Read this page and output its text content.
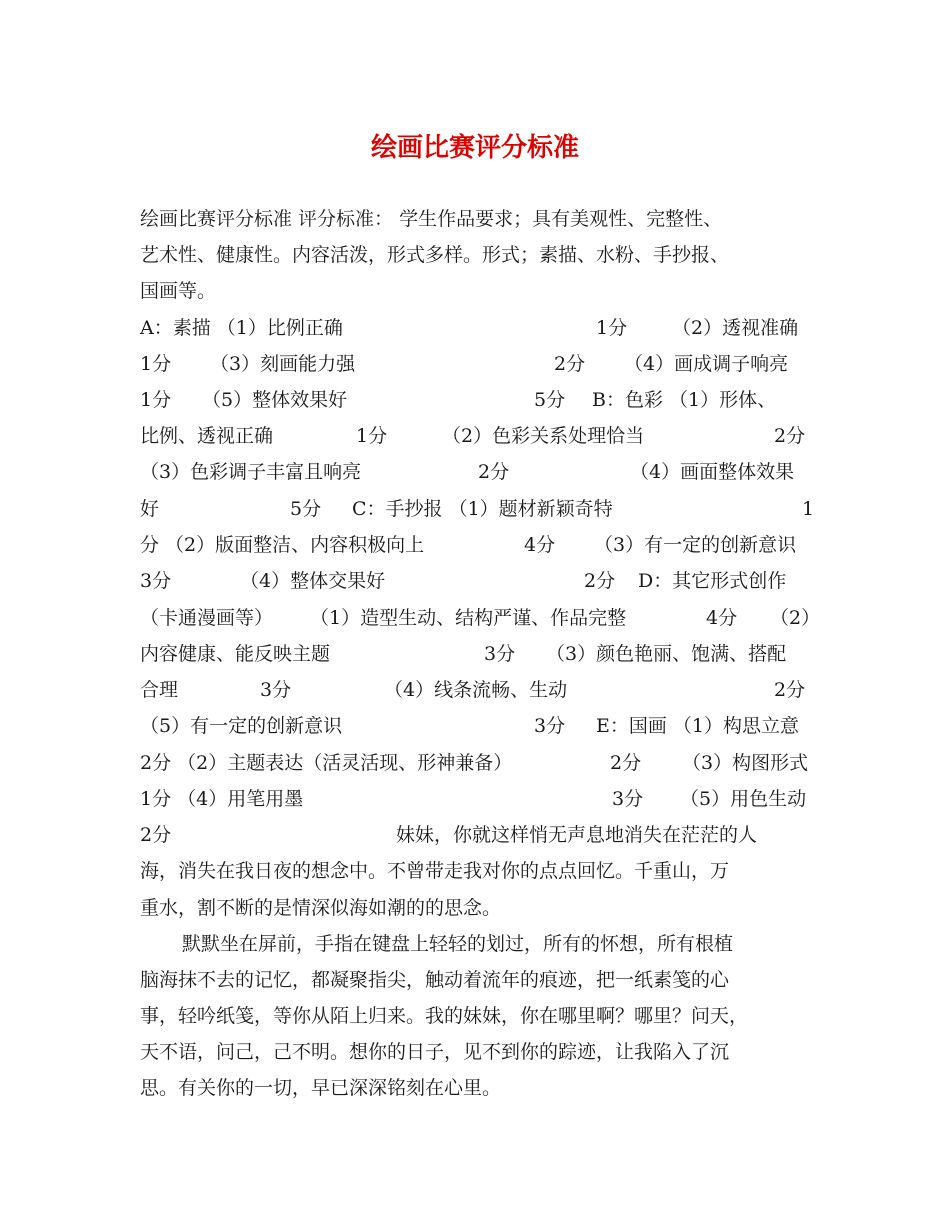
绘画比赛评分标准
绘画比赛评分标准 评分标准： 学生作品要求；具有美观性、完整性、
艺术性、健康性。内容活泼，形式多样。形式；素描、水粉、手抄报、
国画等。
A：素描 （1）比例正确	1分 （2）透视准确
1分 （3）刻画能力强	2分 （4）画成调子响亮
1分 （5）整体效果好	5分 B：色彩 （1）形体、
比例、透视正确	1分	（2）色彩关系处理恰当	2分
（3）色彩调子丰富且响亮	2分	（4）画面整体效果
好	5分 C：手抄报 （1）题材新颖奇特	1
分 （2）版面整洁、内容积极向上	4分 （3）有一定的创新意识
3分	（4）整体交果好	2分 D：其它形式创作
（卡通漫画等） （1）造型生动、结构严谨、作品完整	4分 （2）
内容健康、能反映主题	3分 （3）颜色艳丽、饱满、搭配
合理	3分	（4）线条流畅、生动	2分
（5）有一定的创新意识	3分 E：国画 （1）构思立意
2分 （2）主题表达（活灵活现、形神兼备）	2分 （3）构图形式
1分 （4）用笔用墨	3分 （5）用色生动
2分	妹妹，你就这样悄无声息地消失在茫茫的人
海，消失在我日夜的想念中。不曾带走我对你的点点回忆。千重山，万
重水，割不断的是情深似海如潮的的思念。
默默坐在屏前，手指在键盘上轻轻的划过，所有的怀想，所有根植
脑海抹不去的记忆，都凝聚指尖，触动着流年的痕迹，把一纸素笺的心
事，轻吟纸笺，等你从陌上归来。我的妹妹，你在哪里啊？哪里？问天，
天不语，问己，己不明。想你的日子，见不到你的踪迹，让我陷入了沉
思。有关你的一切，早已深深铭刻在心里。
